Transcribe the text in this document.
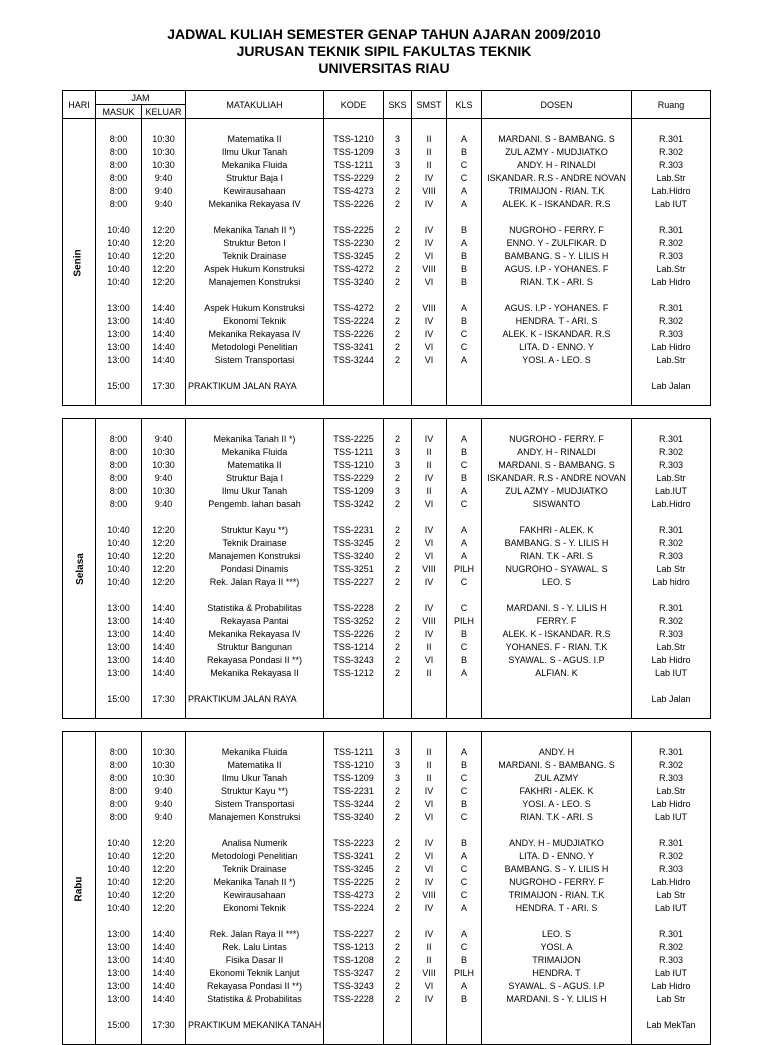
JADWAL KULIAH SEMESTER GENAP TAHUN AJARAN 2009/2010
JURUSAN TEKNIK SIPIL FAKULTAS TEKNIK
UNIVERSITAS RIAU
HARI	JAM		MATAKULIAH	KODE	SKS	SMST	KLS	DOSEN	Ruang
	MASUK	KELUAR							
Senin									
	8:00	10:30	Matematika II	TSS-1210	3	II	A	MARDANI. S - BAMBANG. S	R.301
	8:00	10:30	Ilmu Ukur Tanah	TSS-1209	3	II	B	ZUL AZMY - MUDJIATKO	R.302
	8:00	10:30	Mekanika Fluida	TSS-1211	3	II	C	ANDY. H - RINALDI	R.303
	8:00	9:40	Struktur Baja I	TSS-2229	2	IV	C	ISKANDAR. R.S - ANDRE NOVAN	Lab.Str
	8:00	9:40	Kewirausahaan	TSS-4273	2	VIII	A	TRIMAIJON - RIAN. T.K	Lab.Hidro
	8:00	9:40	Mekanika Rekayasa IV	TSS-2226	2	IV	A	ALEK. K - ISKANDAR. R.S	Lab IUT

	10:40	12:20	Mekanika Tanah II *)	TSS-2225	2	IV	B	NUGROHO - FERRY. F	R.301
	10:40	12:20	Struktur Beton I	TSS-2230	2	IV	A	ENNO. Y - ZULFIKAR. D	R.302
	10:40	12:20	Teknik Drainase	TSS-3245	2	VI	B	BAMBANG. S - Y. LILIS H	R.303
	10:40	12:20	Aspek Hukum Konstruksi	TSS-4272	2	VIII	B	AGUS. I.P - YOHANES. F	Lab.Str
	10:40	12:20	Manajemen Konstruksi	TSS-3240	2	VI	B	RIAN. T.K - ARI. S	Lab Hidro

	13:00	14:40	Aspek Hukum Konstruksi	TSS-4272	2	VIII	A	AGUS. I.P - YOHANES. F	R.301
	13:00	14:40	Ekonomi Teknik	TSS-2224	2	IV	B	HENDRA. T - ARI. S	R.302
	13:00	14:40	Mekanika Rekayasa IV	TSS-2226	2	IV	C	ALEK. K - ISKANDAR. R.S	R.303
	13:00	14:40	Metodologi Penelitian	TSS-3241	2	VI	C	LITA. D - ENNO. Y	Lab Hidro
	13:00	14:40	Sistem Transportasi	TSS-3244	2	VI	A	YOSI. A - LEO. S	Lab.Str

	15:00	17:30	PRAKTIKUM JALAN RAYA						Lab Jalan

Selasa									
	8:00	9:40	Mekanika Tanah II *)	TSS-2225	2	IV	A	NUGROHO - FERRY. F	R.301
	8:00	10:30	Mekanika Fluida	TSS-1211	3	II	B	ANDY. H - RINALDI	R.302
	8:00	10:30	Matematika II	TSS-1210	3	II	C	MARDANI. S - BAMBANG. S	R.303
	8:00	9:40	Struktur Baja I	TSS-2229	2	IV	B	ISKANDAR. R.S - ANDRE NOVAN	Lab.Str
	8:00	10:30	Ilmu Ukur Tanah	TSS-1209	3	II	A	ZUL AZMY - MUDJIATKO	Lab.IUT
	8:00	9:40	Pengemb. lahan basah	TSS-3242	2	VI	C	SISWANTO	Lab.Hidro

	10:40	12:20	Struktur Kayu **)	TSS-2231	2	IV	A	FAKHRI - ALEK. K	R.301
	10:40	12:20	Teknik Drainase	TSS-3245	2	VI	A	BAMBANG. S - Y. LILIS H	R.302
	10:40	12:20	Manajemen Konstruksi	TSS-3240	2	VI	A	RIAN. T.K - ARI. S	R.303
	10:40	12:20	Pondasi Dinamis	TSS-3251	2	VIII	PILH	NUGROHO - SYAWAL. S	Lab Str
	10:40	12:20	Rek. Jalan Raya II ***)	TSS-2227	2	IV	C	LEO. S	Lab hidro

	13:00	14:40	Statistika & Probabilitas	TSS-2228	2	IV	C	MARDANI. S - Y. LILIS H	R.301
	13:00	14:40	Rekayasa Pantai	TSS-3252	2	VIII	PILH	FERRY. F	R.302
	13:00	14:40	Mekanika Rekayasa IV	TSS-2226	2	IV	B	ALEK. K - ISKANDAR. R.S	R.303
	13:00	14:40	Struktur Bangunan	TSS-1214	2	II	C	YOHANES. F - RIAN. T.K	Lab.Str
	13:00	14:40	Rekayasa Pondasi II **)	TSS-3243	2	VI	B	SYAWAL. S - AGUS. I.P	Lab Hidro
	13:00	14:40	Mekanika Rekayasa II	TSS-1212	2	II	A	ALFIAN. K	Lab IUT

	15:00	17:30	PRAKTIKUM JALAN RAYA						Lab Jalan

Rabu									
	8:00	10:30	Mekanika Fluida	TSS-1211	3	II	A	ANDY. H	R.301
	8:00	10:30	Matematika II	TSS-1210	3	II	B	MARDANI. S - BAMBANG. S	R.302
	8:00	10:30	Ilmu Ukur Tanah	TSS-1209	3	II	C	ZUL AZMY	R.303
	8:00	9:40	Struktur Kayu **)	TSS-2231	2	IV	C	FAKHRI - ALEK. K	Lab.Str
	8:00	9:40	Sistem Transportasi	TSS-3244	2	VI	B	YOSI. A - LEO. S	Lab Hidro
	8:00	9:40	Manajemen Konstruksi	TSS-3240	2	VI	C	RIAN. T.K - ARI. S	Lab IUT

	10:40	12:20	Analisa Numerik	TSS-2223	2	IV	B	ANDY. H - MUDJIATKO	R.301
	10:40	12:20	Metodologi Penelitian	TSS-3241	2	VI	A	LITA. D - ENNO. Y	R.302
	10:40	12:20	Teknik Drainase	TSS-3245	2	VI	C	BAMBANG. S - Y. LILIS H	R.303
	10:40	12:20	Mekanika Tanah II *)	TSS-2225	2	IV	C	NUGROHO - FERRY. F	Lab.Hidro
	10:40	12:20	Kewirausahaan	TSS-4273	2	VIII	C	TRIMAIJON - RIAN. T.K	Lab Str
	10:40	12:20	Ekonomi Teknik	TSS-2224	2	IV	A	HENDRA. T - ARI. S	Lab IUT

	13:00	14:40	Rek. Jalan Raya II ***)	TSS-2227	2	IV	A	LEO. S	R.301
	13:00	14:40	Rek. Lalu Lintas	TSS-1213	2	II	C	YOSI. A	R.302
	13:00	14:40	Fisika Dasar II	TSS-1208	2	II	B	TRIMAIJON	R.303
	13:00	14:40	Ekonomi Teknik Lanjut	TSS-3247	2	VIII	PILH	HENDRA. T	Lab IUT
	13:00	14:40	Rekayasa Pondasi II **)	TSS-3243	2	VI	A	SYAWAL. S - AGUS. I.P	Lab Hidro
	13:00	14:40	Statistika & Probabilitas	TSS-2228	2	IV	B	MARDANI. S - Y. LILIS H	Lab Str

	15:00	17:30	PRAKTIKUM MEKANIKA TANAH						Lab MekTan
